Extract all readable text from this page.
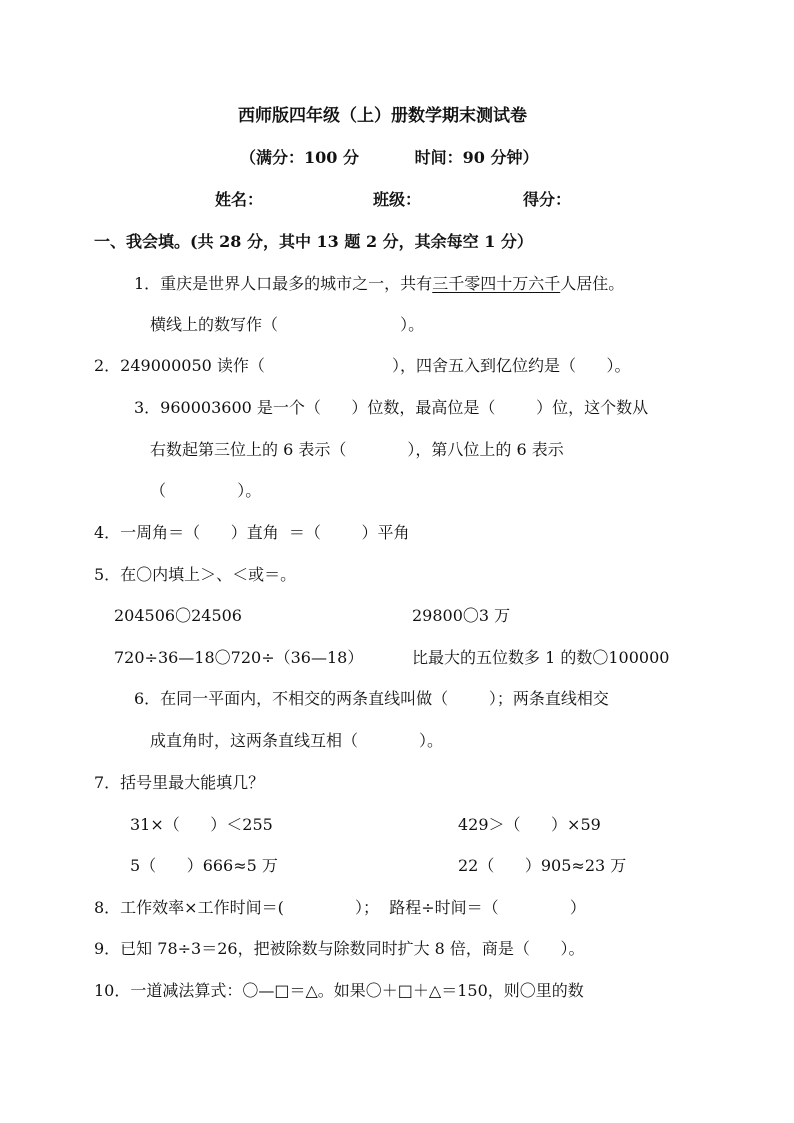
西师版四年级（上）册数学期末测试卷
（满分：100 分          时间：90 分钟）
姓名：	班级：	得分：
一、我会填。(共 28 分，其中 13 题 2 分，其余每空 1 分）
1．重庆是世界人口最多的城市之一，共有三千零四十万六千人居住。
横线上的数写作（                        ）。
2．249000050 读作（                         ），四舍五入到亿位约是（      ）。
3．960003600 是一个（      ）位数，最高位是（        ）位，这个数从
右数起第三位上的 6 表示（            ），第八位上的 6 表示
（              ）。
4．一周角＝（      ）直角  ＝（        ）平角
5．在〇内填上＞、＜或＝。
204506〇24506	29800〇3 万
720÷36—18〇720÷（36—18）	比最大的五位数多 1 的数〇100000
6．在同一平面内，不相交的两条直线叫做（        ）；两条直线相交
成直角时，这两条直线互相（            ）。
7．括号里最大能填几？
31×（      ）＜255	429＞（      ）×59
5（      ）666≈5 万	22（      ）905≈23 万
8．工作效率×工作时间＝(              ）；  路程÷时间＝（              ）
9．已知 78÷3＝26，把被除数与除数同时扩大 8 倍，商是（      ）。
10．一道减法算式：〇—□＝△。如果〇＋□＋△＝150，则〇里的数
